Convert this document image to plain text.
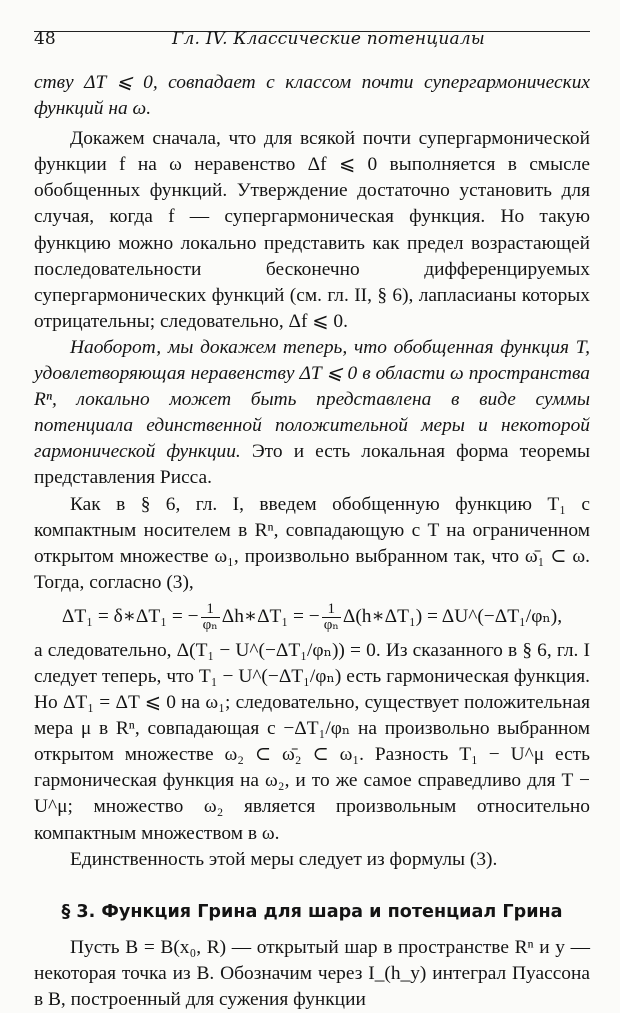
48	Гл. IV. Классические потенциалы

ству ΔT ⩽ 0, совпадает с классом почти супергармонических функций на ω.

Докажем сначала, что для всякой почти супергармонической функции f на ω неравенство Δf ⩽ 0 выполняется в смысле обобщенных функций. Утверждение достаточно установить для случая, когда f — супергармоническая функция. Но такую функцию можно локально представить как предел возрастающей последовательности бесконечно дифференцируемых супергармонических функций (см. гл. II, § 6), лапласианы которых отрицательны; следовательно, Δf ⩽ 0.

Наоборот, мы докажем теперь, что обобщенная функция T, удовлетворяющая неравенству ΔT ⩽ 0 в области ω пространства Rⁿ, локально может быть представлена в виде суммы потенциала единственной положительной меры и некоторой гармонической функции. Это и есть локальная форма теоремы представления Рисса.

Как в § 6, гл. I, введем обобщенную функцию T₁ с компактным носителем в Rⁿ, совпадающую с T на ограниченном открытом множестве ω₁, произвольно выбранном так, что ω̄₁ ⊂ ω. Тогда, согласно (3),

ΔT₁ = δ∗ΔT₁ = − $\frac{1}{\text{φₙ}}$ Δh∗ΔT₁ = − $\frac{1}{\text{φₙ}}$ Δ(h∗ΔT₁) = ΔU^(−ΔT₁/φₙ),

а следовательно, Δ(T₁ − U^(−ΔT₁/φₙ)) = 0. Из сказанного в § 6, гл. I следует теперь, что T₁ − U^(−ΔT₁/φₙ) есть гармоническая функция. Но ΔT₁ = ΔT ⩽ 0 на ω₁; следовательно, существует положительная мера μ в Rⁿ, совпадающая с −ΔT₁/φₙ на произвольно выбранном открытом множестве ω₂ ⊂ ω̄₂ ⊂ ω₁. Разность T₁ − U^μ есть гармоническая функция на ω₂, и то же самое справедливо для T − U^μ; множество ω₂ является произвольным относительно компактным множеством в ω.

Единственность этой меры следует из формулы (3).

§ 3. Функция Грина для шара и потенциал Грина

Пусть B = B(x₀, R) — открытый шар в пространстве Rⁿ и y — некоторая точка из B. Обозначим через I_(h_y) интеграл Пуассона в B, построенный для сужения функции
